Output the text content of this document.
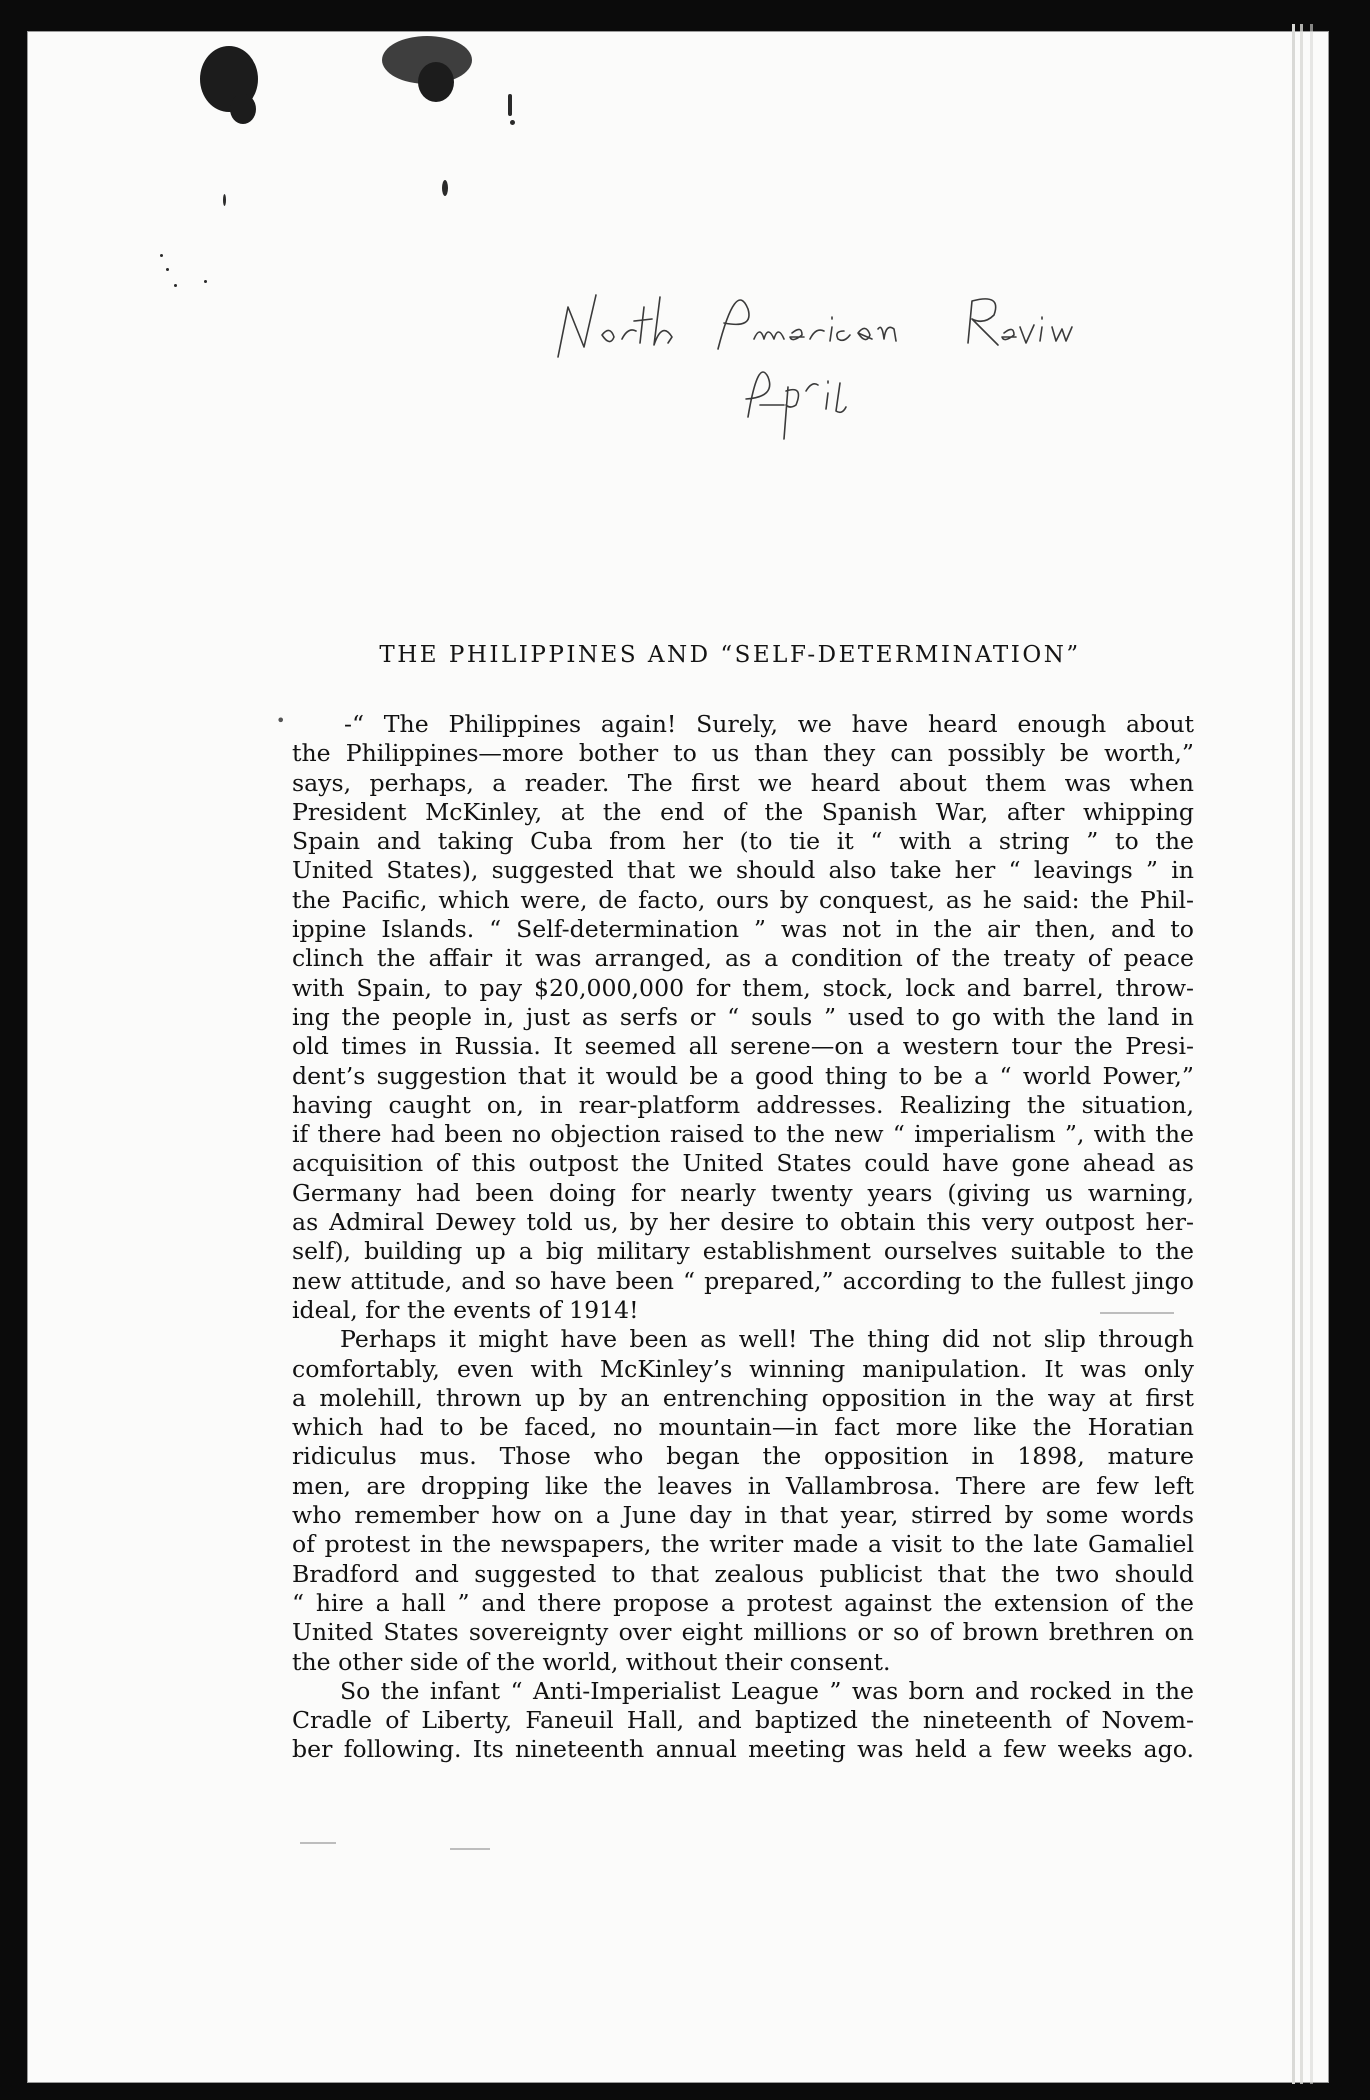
THE PHILIPPINES AND “SELF-DETERMINATION”
•	-“ The Philippines again! Surely, we have heard enough about
the Philippines—more bother to us than they can possibly be worth,”
says, perhaps, a reader. The first we heard about them was when
President McKinley, at the end of the Spanish War, after whipping
Spain and taking Cuba from her (to tie it “ with a string ” to the
United States), suggested that we should also take her “ leavings ” in
the Pacific, which were, de facto, ours by conquest, as he said: the Phil-
ippine Islands. “ Self-determination ” was not in the air then, and to
clinch the affair it was arranged, as a condition of the treaty of peace
with Spain, to pay $20,000,000 for them, stock, lock and barrel, throw-
ing the people in, just as serfs or “ souls ” used to go with the land in
old times in Russia. It seemed all serene—on a western tour the Presi-
dent’s suggestion that it would be a good thing to be a “ world Power,”
having caught on, in rear-platform addresses. Realizing the situation,
if there had been no objection raised to the new “ imperialism ”, with the
acquisition of this outpost the United States could have gone ahead as
Germany had been doing for nearly twenty years (giving us warning,
as Admiral Dewey told us, by her desire to obtain this very outpost her-
self), building up a big military establishment ourselves suitable to the
new attitude, and so have been “ prepared,” according to the fullest jingo
ideal, for the events of 1914!
Perhaps it might have been as well! The thing did not slip through
comfortably, even with McKinley’s winning manipulation. It was only
a molehill, thrown up by an entrenching opposition in the way at first
which had to be faced, no mountain—in fact more like the Horatian
ridiculus mus. Those who began the opposition in 1898, mature
men, are dropping like the leaves in Vallambrosa. There are few left
who remember how on a June day in that year, stirred by some words
of protest in the newspapers, the writer made a visit to the late Gamaliel
Bradford and suggested to that zealous publicist that the two should
“ hire a hall ” and there propose a protest against the extension of the
United States sovereignty over eight millions or so of brown brethren on
the other side of the world, without their consent.
So the infant “ Anti-Imperialist League ” was born and rocked in the
Cradle of Liberty, Faneuil Hall, and baptized the nineteenth of Novem-
ber following. Its nineteenth annual meeting was held a few weeks ago.
